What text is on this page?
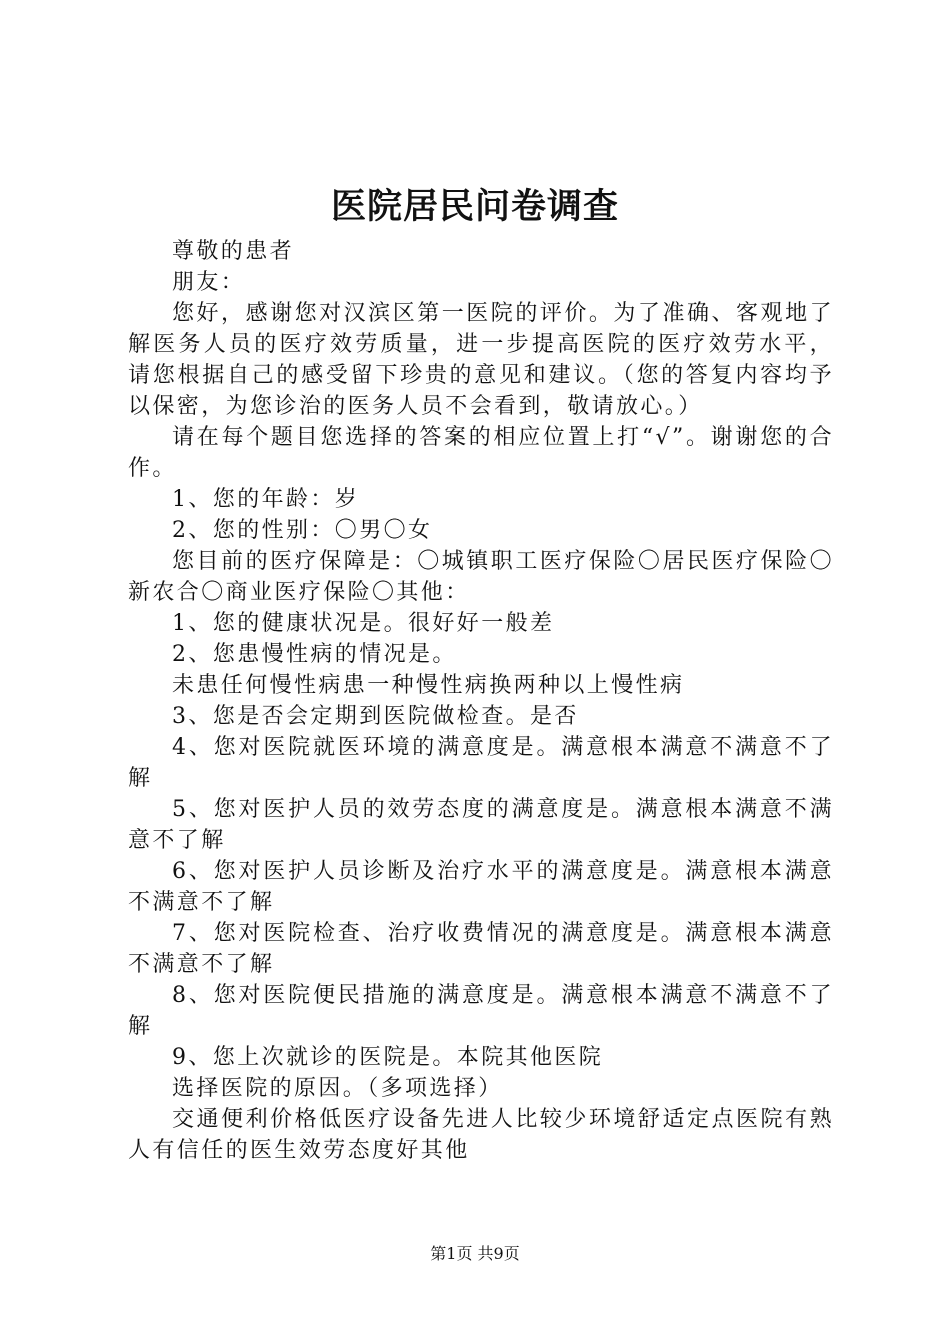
医院居民问卷调查

尊敬的患者

朋友：

您好，感谢您对汉滨区第一医院的评价。为了准确、客观地了解医务人员的医疗效劳质量，进一步提高医院的医疗效劳水平，请您根据自己的感受留下珍贵的意见和建议。（您的答复内容均予以保密，为您诊治的医务人员不会看到，敬请放心。）

请在每个题目您选择的答案的相应位置上打“√”。谢谢您的合作。

1、您的年龄：岁

2、您的性别：〇男〇女

您目前的医疗保障是：〇城镇职工医疗保险〇居民医疗保险〇新农合〇商业医疗保险〇其他：

1、您的健康状况是。很好好一般差

2、您患慢性病的情况是。

未患任何慢性病患一种慢性病换两种以上慢性病

3、您是否会定期到医院做检查。是否

4、您对医院就医环境的满意度是。满意根本满意不满意不了解

5、您对医护人员的效劳态度的满意度是。满意根本满意不满意不了解

6、您对医护人员诊断及治疗水平的满意度是。满意根本满意不满意不了解

7、您对医院检查、治疗收费情况的满意度是。满意根本满意不满意不了解

8、您对医院便民措施的满意度是。满意根本满意不满意不了解

9、您上次就诊的医院是。本院其他医院

选择医院的原因。（多项选择）

交通便利价格低医疗设备先进人比较少环境舒适定点医院有熟人有信任的医生效劳态度好其他

第1页 共9页
